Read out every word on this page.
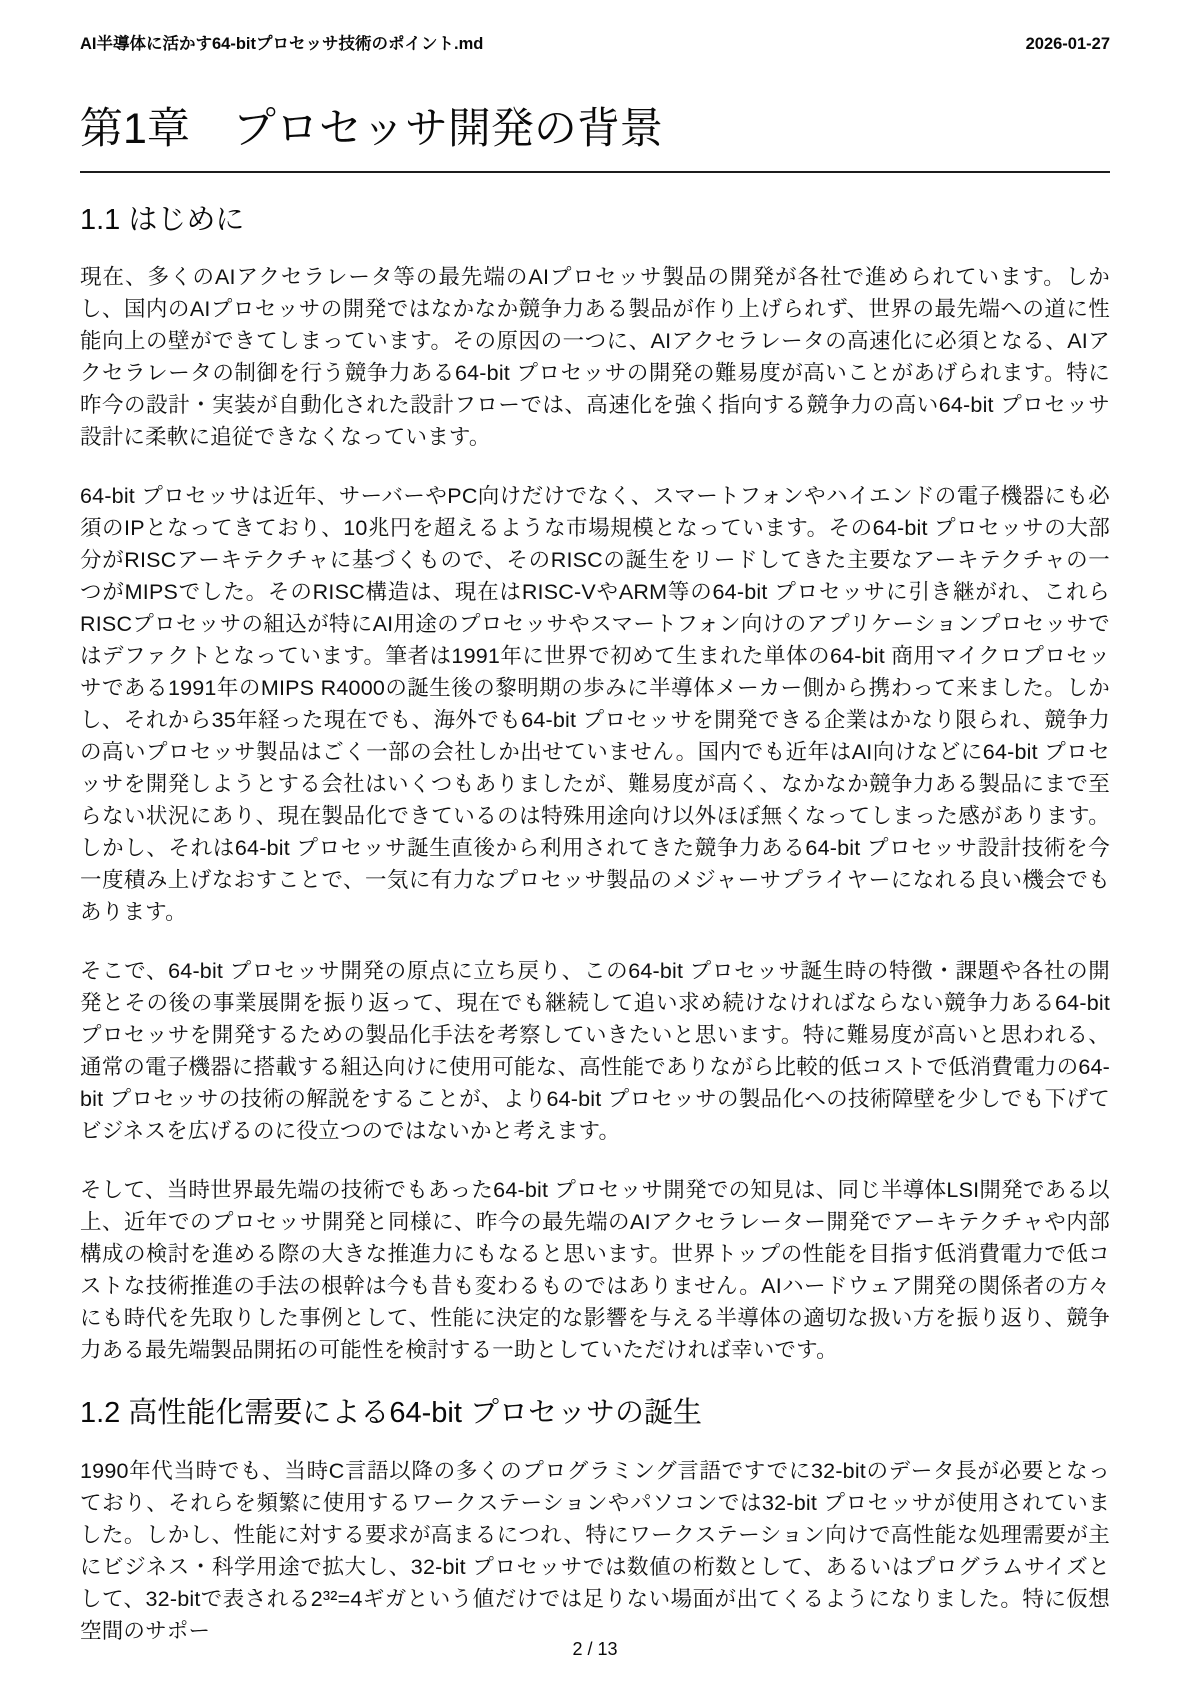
AI半導体に活かす64-bitプロセッサ技術のポイント.md	2026-01-27
第1章　プロセッサ開発の背景
1.1 はじめに

現在、多くのAIアクセラレータ等の最先端のAIプロセッサ製品の開発が各社で進められています。しかし、国内のAIプロセッサの開発ではなかなか競争力ある製品が作り上げられず、世界の最先端への道に性能向上の壁ができてしまっています。その原因の一つに、AIアクセラレータの高速化に必須となる、AIアクセラレータの制御を行う競争力ある64-bit プロセッサの開発の難易度が高いことがあげられます。特に昨今の設計・実装が自動化された設計フローでは、高速化を強く指向する競争力の高い64-bit プロセッサ設計に柔軟に追従できなくなっています。

64-bit プロセッサは近年、サーバーやPC向けだけでなく、スマートフォンやハイエンドの電子機器にも必須のIPとなってきており、10兆円を超えるような市場規模となっています。その64-bit プロセッサの大部分がRISCアーキテクチャに基づくもので、そのRISCの誕生をリードしてきた主要なアーキテクチャの一つがMIPSでした。そのRISC構造は、現在はRISC-VやARM等の64-bit プロセッサに引き継がれ、これらRISCプロセッサの組込が特にAI用途のプロセッサやスマートフォン向けのアプリケーションプロセッサではデファクトとなっています。筆者は1991年に世界で初めて生まれた単体の64-bit 商用マイクロプロセッサである1991年のMIPS R4000の誕生後の黎明期の歩みに半導体メーカー側から携わって来ました。しかし、それから35年経った現在でも、海外でも64-bit プロセッサを開発できる企業はかなり限られ、競争力の高いプロセッサ製品はごく一部の会社しか出せていません。国内でも近年はAI向けなどに64-bit プロセッサを開発しようとする会社はいくつもありましたが、難易度が高く、なかなか競争力ある製品にまで至らない状況にあり、現在製品化できているのは特殊用途向け以外ほぼ無くなってしまった感があります。しかし、それは64-bit プロセッサ誕生直後から利用されてきた競争力ある64-bit プロセッサ設計技術を今一度積み上げなおすことで、一気に有力なプロセッサ製品のメジャーサプライヤーになれる良い機会でもあります。

そこで、64-bit プロセッサ開発の原点に立ち戻り、この64-bit プロセッサ誕生時の特徴・課題や各社の開発とその後の事業展開を振り返って、現在でも継続して追い求め続けなければならない競争力ある64-bit プロセッサを開発するための製品化手法を考察していきたいと思います。特に難易度が高いと思われる、通常の電子機器に搭載する組込向けに使用可能な、高性能でありながら比較的低コストで低消費電力の64-bit プロセッサの技術の解説をすることが、より64-bit プロセッサの製品化への技術障壁を少しでも下げてビジネスを広げるのに役立つのではないかと考えます。

そして、当時世界最先端の技術でもあった64-bit プロセッサ開発での知見は、同じ半導体LSI開発である以上、近年でのプロセッサ開発と同様に、昨今の最先端のAIアクセラレーター開発でアーキテクチャや内部構成の検討を進める際の大きな推進力にもなると思います。世界トップの性能を目指す低消費電力で低コストな技術推進の手法の根幹は今も昔も変わるものではありません。AIハードウェア開発の関係者の方々にも時代を先取りした事例として、性能に決定的な影響を与える半導体の適切な扱い方を振り返り、競争力ある最先端製品開拓の可能性を検討する一助としていただければ幸いです。

1.2 高性能化需要による64-bit プロセッサの誕生

1990年代当時でも、当時C言語以降の多くのプログラミング言語ですでに32-bitのデータ長が必要となっており、それらを頻繁に使用するワークステーションやパソコンでは32-bit プロセッサが使用されていました。しかし、性能に対する要求が高まるにつれ、特にワークステーション向けで高性能な処理需要が主にビジネス・科学用途で拡大し、32-bit プロセッサでは数値の桁数として、あるいはプログラムサイズとして、32-bitで表される2³²=4ギガという値だけでは足りない場面が出てくるようになりました。特に仮想空間のサポー

2 / 13
